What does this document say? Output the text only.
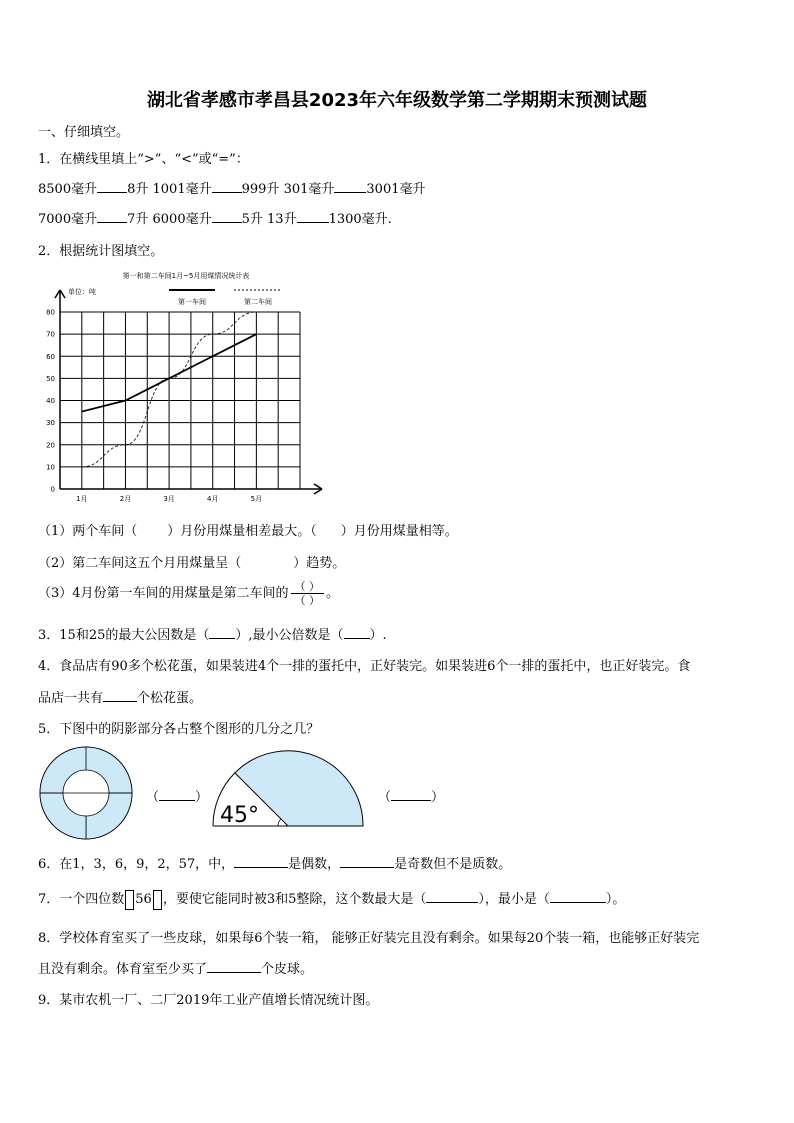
湖北省孝感市孝昌县2023年六年级数学第二学期期末预测试题
一、仔细填空。
1．在横线里填上“>”、“<”或“=”：
8500毫升 8升 1001毫升 999升 301毫升 3001毫升
7000毫升 7升 6000毫升 5升 13升 1300毫升.
2．根据统计图填空。
第一和第二车间1月~5月用煤情况统计表
单位：吨
第一车间	第二车间
0
10
20
30
40
50
60
70
80
1月	2月	3月	4月	5月
（1）两个车间（ ）月份用煤量相差最大。（ ）月份用煤量相等。
（2）第二车间这五个月用煤量呈（	）趋势。
（3）4月份第一车间的用煤量是第二车间的 $\frac{( )}{( )}$ 。
3．15和25的最大公因数是（ ）,最小公倍数是（ ）.
4．食品店有90多个松花蛋，如果装进4个一排的蛋托中，正好装完。如果装进6个一排的蛋托中，也正好装完。食
品店一共有	个松花蛋。
5．下图中的阴影部分各占整个图形的几分之几？
（	）
45°
（	）
6．在1，3，6，9，2，57，中，	是偶数，	是奇数但不是质数。
7．一个四位数 56 ，要使它能同时被3和5整除，这个数最大是（	），最小是（	）。
8．学校体育室买了一些皮球，如果每6个装一箱， 能够正好装完且没有剩余。如果每20个装一箱，也能够正好装完
且没有剩余。体育室至少买了	个皮球。
9．某市农机一厂、二厂2019年工业产值增长情况统计图。
